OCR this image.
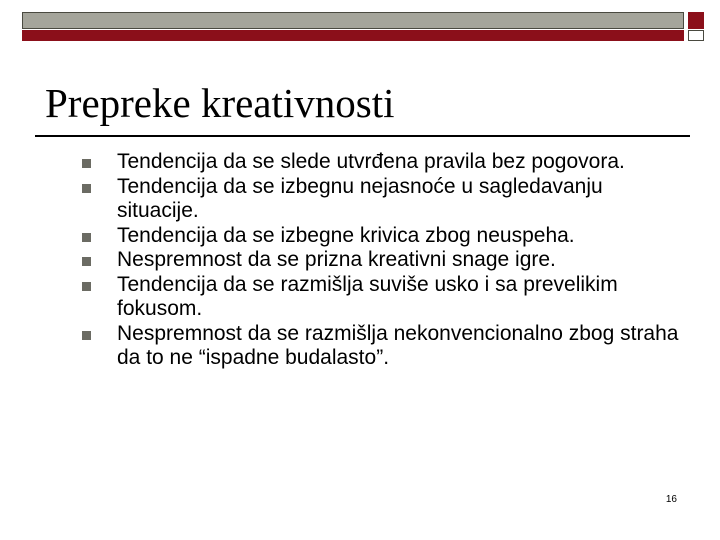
Prepreke kreativnosti
Tendencija da se slede utvrđena pravila bez pogovora.
Tendencija da se izbegnu nejasnoće u sagledavanju situacije.
Tendencija da se izbegne krivica zbog neuspeha.
Nespremnost da se prizna kreativni snage igre.
Tendencija da se razmišlja suviše usko i sa prevelikim fokusom.
Nespremnost da se razmišlja nekonvencionalno zbog straha da to ne “ispadne budalasto”.
16
